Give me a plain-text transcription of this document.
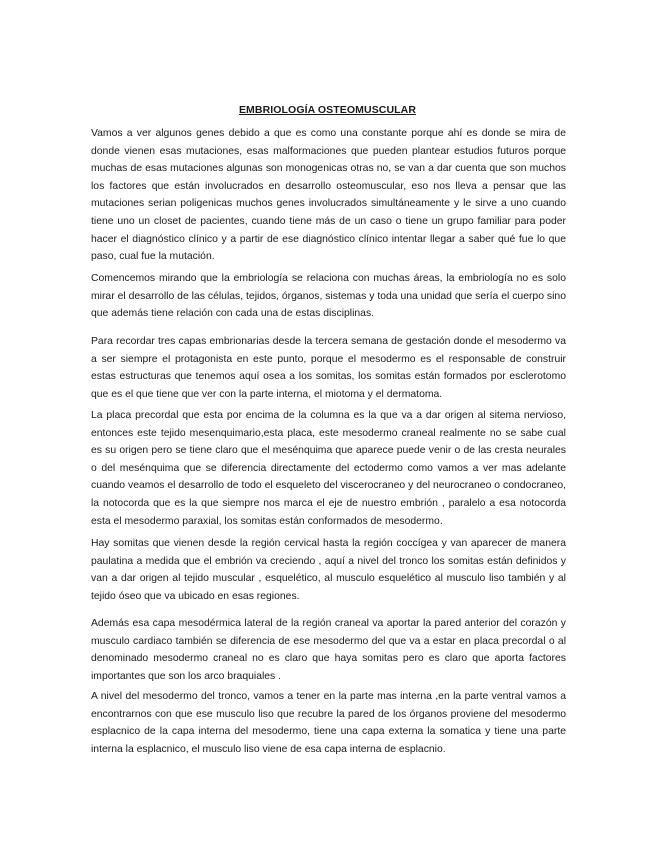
EMBRIOLOGÍA OSTEOMUSCULAR

Vamos a ver algunos genes debido a que es como una constante porque ahí es donde se mira de donde vienen esas mutaciones, esas malformaciones que pueden plantear estudios futuros porque muchas de esas mutaciones algunas son monogenicas otras no, se van a dar cuenta que son muchos los factores que están involucrados en desarrollo osteomuscular, eso nos lleva a pensar que las mutaciones serian poligenicas muchos genes involucrados simultáneamente y le sirve a uno cuando tiene uno un closet de pacientes, cuando tiene más de un caso o tiene un grupo familiar para poder hacer el diagnóstico clínico y a partir de ese diagnóstico clínico intentar llegar a saber qué fue lo que paso, cual fue la mutación.

Comencemos mirando que la embriología se relaciona con muchas áreas, la embriología no es solo mirar el desarrollo de las células, tejidos, órganos, sistemas y toda una unidad que sería el cuerpo sino que además tiene relación con cada una de estas disciplinas.

Para recordar tres capas embrionarias desde la tercera semana de gestación donde el mesodermo va a ser siempre el protagonista en este punto, porque el mesodermo es el responsable de construir estas estructuras que tenemos aquí osea a los somitas, los somitas están formados por esclerotomo que es el que tiene que ver con la parte interna, el miotoma y el dermatoma.

La placa precordal que esta por encima de la columna es la que va a dar origen al sitema nervioso, entonces este tejido mesenquimario,esta placa, este mesodermo craneal realmente no se sabe cual es su origen pero se tiene claro que el mesénquima que aparece puede venir o de las cresta neurales o del mesénquima que se diferencia directamente del ectodermo como vamos a ver mas adelante cuando veamos el desarrollo de todo el esqueleto del viscerocraneo y del neurocraneo o condocraneo, la notocorda que es la que siempre nos marca el eje de nuestro embrión , paralelo a esa notocorda esta el mesodermo paraxial, los somitas están conformados de mesodermo.

Hay somitas que vienen desde la región cervical hasta la región coccígea y van aparecer de manera paulatina a medida que el embrión va creciendo , aquí a nivel del tronco los somitas están definidos y van a dar origen al tejido muscular , esquelético, al musculo esquelético al musculo liso también y al tejido óseo que va ubicado en esas regiones.

Además esa capa mesodérmica lateral de la región craneal va aportar la pared anterior del corazón y musculo cardiaco también se diferencia de ese mesodermo del que va a estar en placa precordal o al denominado mesodermo craneal no es claro que haya somitas pero es claro que aporta factores importantes que son los arco braquiales .

A nivel del mesodermo del tronco, vamos a tener en la parte mas interna ,en la parte ventral vamos a encontrarnos con que ese musculo liso que recubre la pared de los órganos proviene del mesodermo esplacnico de la capa interna del mesodermo, tiene una capa externa la somatica y tiene una parte interna la esplacnico, el musculo liso viene de esa capa interna de esplacnio.
